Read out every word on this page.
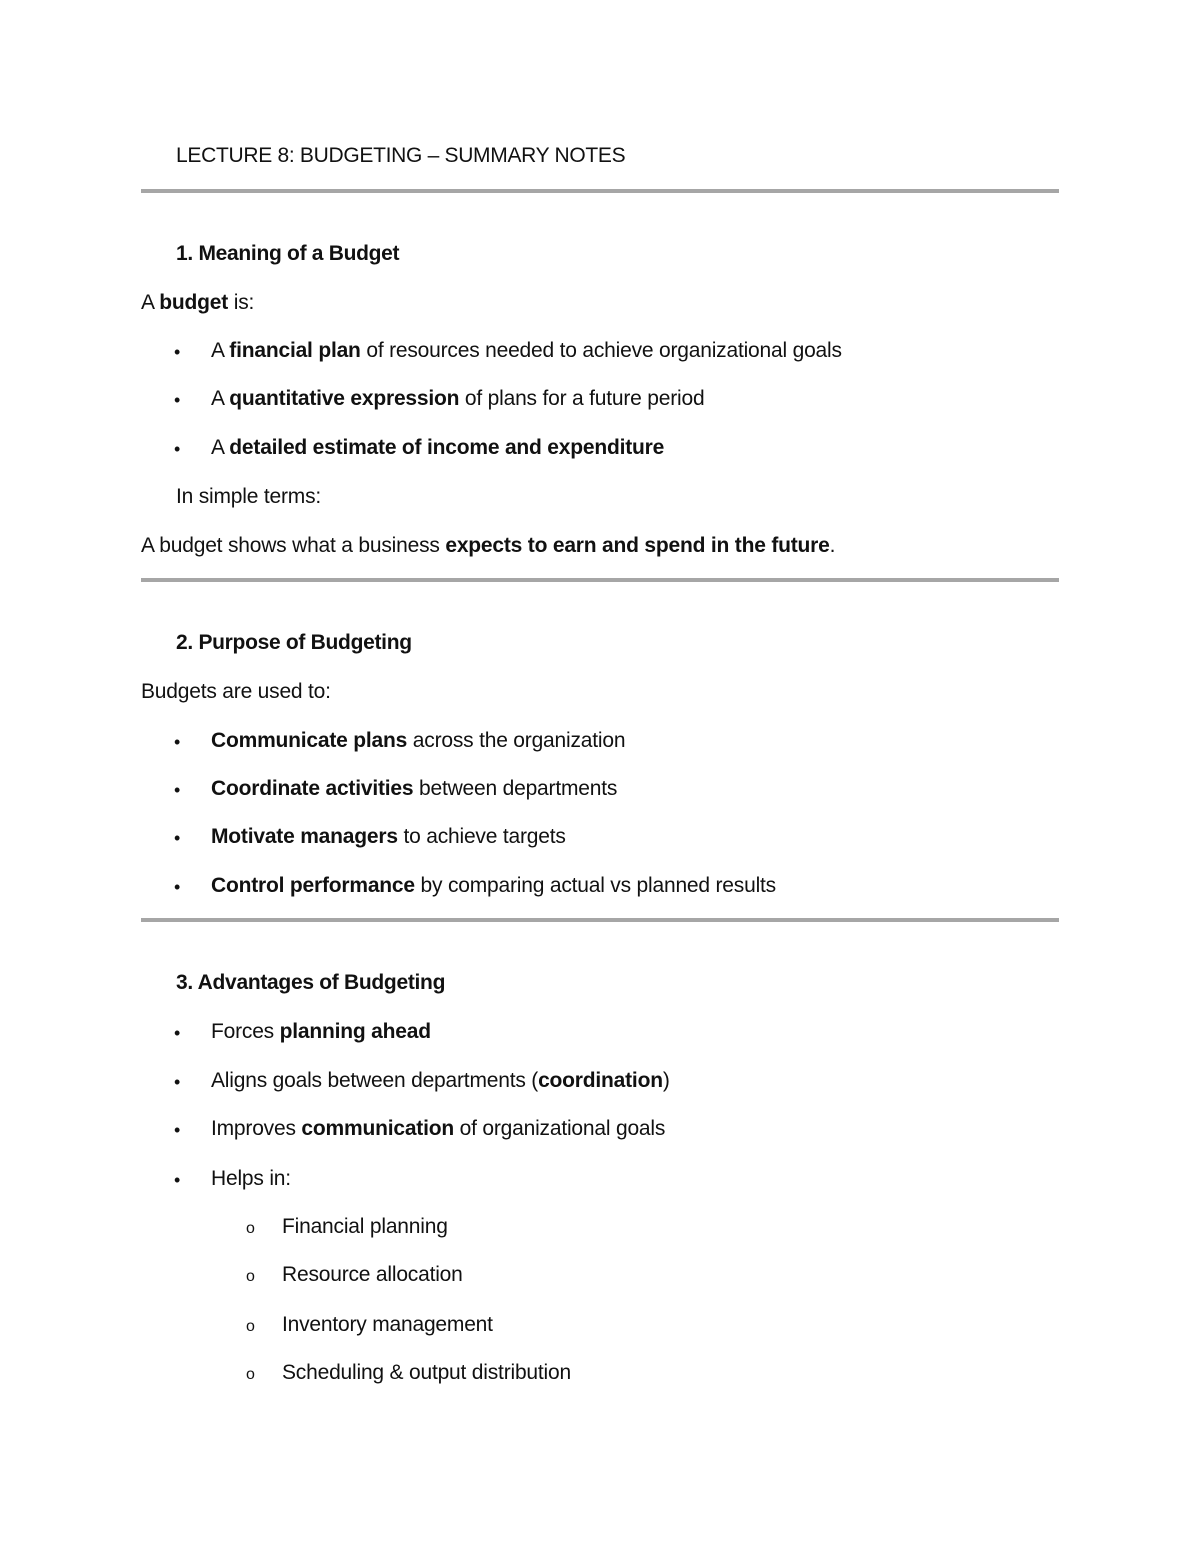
LECTURE 8: BUDGETING – SUMMARY NOTES
1. Meaning of a Budget
A budget is:
• A financial plan of resources needed to achieve organizational goals
• A quantitative expression of plans for a future period
• A detailed estimate of income and expenditure
In simple terms:
A budget shows what a business expects to earn and spend in the future.
2. Purpose of Budgeting
Budgets are used to:
• Communicate plans across the organization
• Coordinate activities between departments
• Motivate managers to achieve targets
• Control performance by comparing actual vs planned results
3. Advantages of Budgeting
• Forces planning ahead
• Aligns goals between departments (coordination)
• Improves communication of organizational goals
• Helps in:
o Financial planning
o Resource allocation
o Inventory management
o Scheduling & output distribution
